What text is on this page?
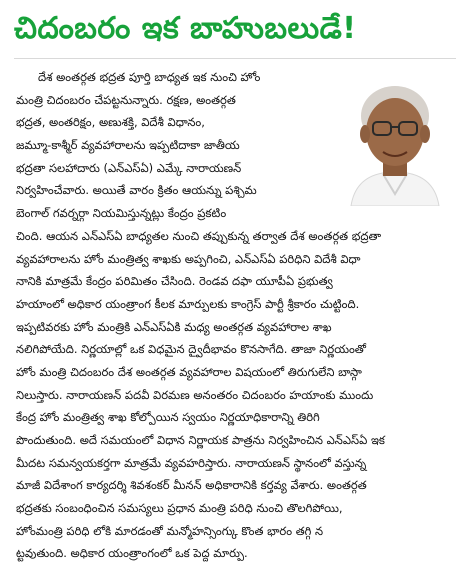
చిదంబరం ఇక బాహుబలుడే!
దేశ అంతర్గత భద్రత పూర్తి బాధ్యత ఇక నుంచి హోం
మంత్రి చిదంబరం చేపట్టనున్నారు. రక్షణ, అంతర్గత
భద్రత, అంతరిక్షం, అణుశక్తి, విదేశీ విధానం,
జమ్మూ-కాశ్మీర్ వ్యవహారాలను ఇప్పటిదాకా జాతీయ
భద్రతా సలహాదారు (ఎన్ఎస్ఏ) ఎమ్కే నారాయణన్
నిర్వహించేవారు. అయితే వారం క్రితం ఆయన్ను పశ్చిమ
బెంగాల్ గవర్నర్గా నియమిస్తున్నట్లు కేంద్రం ప్రకటిం
చింది. ఆయన ఎన్ఎస్ఏ బాధ్యతల నుంచి తప్పుకున్న తర్వాత దేశ అంతర్గత భద్రతా
వ్యవహారాలను హోం మంత్రిత్వ శాఖకు అప్పగించి, ఎన్ఎస్ఏ పరిధిని విదేశీ విధా
నానికి మాత్రమే కేంద్రం పరిమితం చేసింది. రెండవ దఫా యూపీఏ ప్రభుత్వ
హయాంలో అధికార యంత్రాంగ కీలక మార్పులకు కాంగ్రెస్ పార్టీ శ్రీకారం చుట్టింది.
ఇప్పటివరకు హోం మంత్రికి ఎన్ఎస్ఏకి మధ్య అంతర్గత వ్యవహారాల శాఖ
నలిగిపోయేది. నిర్ణయాల్లో ఒక విధమైన ద్వైదీభావం కొనసాగేది. తాజా నిర్ణయంతో
హోం మంత్రి చిదంబరం దేశ అంతర్గత వ్యవహారాల విషయంలో తిరుగులేని బాస్గా
నిలుస్తారు. నారాయణన్ పదవీ విరమణ అనంతరం చిదంబరం హయాంకు ముందు
కేంద్ర హోం మంత్రిత్వ శాఖ కోల్పోయిన స్వయం నిర్ణయాధికారాన్ని తిరిగి
పొందుతుంది. అదే సమయంలో విధాన నిర్ణాయక పాత్రను నిర్వహించిన ఎన్ఎస్ఏ ఇక
మీదట సమన్వయకర్తగా మాత్రమే వ్యవహరిస్తారు. నారాయణన్ స్థానంలో వస్తున్న
మాజీ విదేశాంగ కార్యదర్శి శివశంకర్ మీనన్ అధికారానికి కర్తవ్య వేశారు. అంతర్గత
భద్రతకు సంబంధించిన సమస్యలు ప్రధాన మంత్రి పరిధి నుంచి తొలగిపోయి,
హోంమంత్రి పరిధి లోకి మారడంతో మన్మోహన్సింగ్కు కొంత భారం తగ్గి న
ట్టవుతుంది. అధికార యంత్రాంగంలో ఒక పెద్ద మార్పు.
